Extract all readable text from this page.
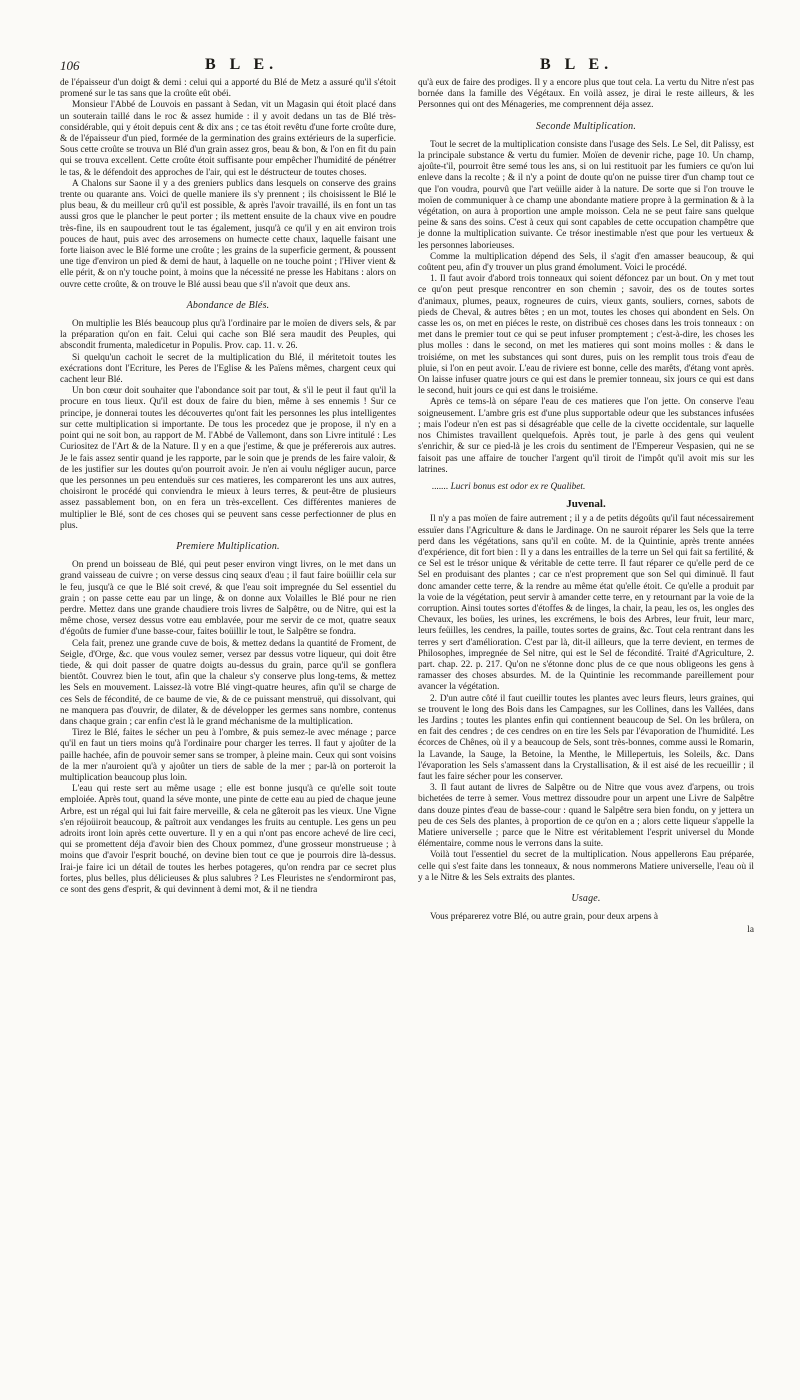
106	B L E.	B L E.

de l'épaisseur d'un doigt & demi : celui qui a apporté du Blé de Metz a assuré qu'il s'étoit promené sur le tas sans que la croûte eût obéi.

Monsieur l'Abbé de Louvois en passant à Sedan, vit un Magasin qui étoit placé dans un souterain taillé dans le roc & assez humide : il y avoit dedans un tas de Blé très-considérable, qui y étoit depuis cent & dix ans ; ce tas étoit revêtu d'une forte croûte dure, & de l'épaisseur d'un pied, formée de la germination des grains extérieurs de la superficie. Sous cette croûte se trouva un Blé d'un grain assez gros, beau & bon, & l'on en fit du pain qui se trouva excellent. Cette croûte étoit suffisante pour empêcher l'humidité de pénétrer le tas, & le défendoit des approches de l'air, qui est le déstructeur de toutes choses.

A Chalons sur Saone il y a des greniers publics dans lesquels on conserve des grains trente ou quarante ans. Voici de quelle maniere ils s'y prennent ; ils choisissent le Blé le plus beau, & du meilleur crû qu'il est possible, & après l'avoir travaillé, ils en font un tas aussi gros que le plancher le peut porter ; ils mettent ensuite de la chaux vive en poudre très-fine, ils en saupoudrent tout le tas également, jusqu'à ce qu'il y en ait environ trois pouces de haut, puis avec des arrosemens on humecte cette chaux, laquelle faisant une forte liaison avec le Blé forme une croûte ; les grains de la superficie germent, & poussent une tige d'environ un pied & demi de haut, à laquelle on ne touche point ; l'Hiver vient & elle périt, & on n'y touche point, à moins que la nécessité ne presse les Habitans : alors on ouvre cette croûte, & on trouve le Blé aussi beau que s'il n'avoit que deux ans.

Abondance de Blés.

On multiplie les Blés beaucoup plus qu'à l'ordinaire par le moïen de divers sels, & par la préparation qu'on en fait. Celui qui cache son Blé sera maudit des Peuples, qui abscondit frumenta, maledicetur in Populis. Prov. cap. 11. v. 26.

Si quelqu'un cachoit le secret de la multiplication du Blé, il méritetoit toutes les exécrations dont l'Ecriture, les Peres de l'Eglise & les Païens mêmes, chargent ceux qui cachent leur Blé.

Un bon cœur doit souhaiter que l'abondance soit par tout, & s'il le peut il faut qu'il la procure en tous lieux. Qu'il est doux de faire du bien, même à ses ennemis ! Sur ce principe, je donnerai toutes les découvertes qu'ont fait les personnes les plus intelligentes sur cette multiplication si importante. De tous les procedez que je propose, il n'y en a point qui ne soit bon, au rapport de M. l'Abbé de Vallemont, dans son Livre intitulé : Les Curiositez de l'Art & de la Nature. Il y en a que j'estime, & que je préfererois aux autres. Je le fais assez sentir quand je les rapporte, par le soin que je prends de les faire valoir, & de les justifier sur les doutes qu'on pourroit avoir. Je n'en ai voulu négliger aucun, parce que les personnes un peu entenduës sur ces matieres, les compareront les uns aux autres, choisiront le procédé qui conviendra le mieux à leurs terres, & peut-être de plusieurs assez passablement bon, on en fera un très-excellent. Ces différentes manieres de multiplier le Blé, sont de ces choses qui se peuvent sans cesse perfectionner de plus en plus.

Premiere Multiplication.

On prend un boisseau de Blé, qui peut peser environ vingt livres, on le met dans un grand vaisseau de cuivre ; on verse dessus cinq seaux d'eau ; il faut faire boüillir cela sur le feu, jusqu'à ce que le Blé soit crevé, & que l'eau soit impregnée du Sel essentiel du grain ; on passe cette eau par un linge, & on donne aux Volailles le Blé pour ne rien perdre. Mettez dans une grande chaudiere trois livres de Salpêtre, ou de Nitre, qui est la même chose, versez dessus votre eau emblavée, pour me servir de ce mot, quatre seaux d'égoûts de fumier d'une basse-cour, faites boüillir le tout, le Salpêtre se fondra.

Cela fait, prenez une grande cuve de bois, & mettez dedans la quantité de Froment, de Seigle, d'Orge, &c. que vous voulez semer, versez par dessus votre liqueur, qui doit être tiede, & qui doit passer de quatre doigts au-dessus du grain, parce qu'il se gonflera bientôt. Couvrez bien le tout, afin que la chaleur s'y conserve plus long-tems, & mettez les Sels en mouvement. Laissez-là votre Blé vingt-quatre heures, afin qu'il se charge de ces Sels de fécondité, de ce baume de vie, & de ce puissant menstruë, qui dissolvant, qui ne manquera pas d'ouvrir, de dilater, & de développer les germes sans nombre, contenus dans chaque grain ; car enfin c'est là le grand méchanisme de la multiplication.

Tirez le Blé, faites le sécher un peu à l'ombre, & puis semez-le avec ménage ; parce qu'il en faut un tiers moins qu'à l'ordinaire pour charger les terres. Il faut y ajoûter de la paille hachée, afin de pouvoir semer sans se tromper, à pleine main. Ceux qui sont voisins de la mer n'auroient qu'à y ajoûter un tiers de sable de la mer ; par-là on porteroit la multiplication beaucoup plus loin.

L'eau qui reste sert au même usage ; elle est bonne jusqu'à ce qu'elle soit toute emploiée. Après tout, quand la séve monte, une pinte de cette eau au pied de chaque jeune Arbre, est un régal qui lui fait faire merveille, & cela ne gâteroit pas les vieux. Une Vigne s'en réjoüiroit beaucoup, & paîtroit aux vendanges les fruits au centuple. Les gens un peu adroits iront loin après cette ouverture. Il y en a qui n'ont pas encore achevé de lire ceci, qui se promettent déja d'avoir bien des Choux pommez, d'une grosseur monstrueuse ; à moins que d'avoir l'esprit bouché, on devine bien tout ce que je pourrois dire là-dessus. Irai-je faire ici un détail de toutes les herbes potageres, qu'on rendra par ce secret plus fortes, plus belles, plus délicieuses & plus salubres ? Les Fleuristes ne s'endormiront pas, ce sont des gens d'esprit, & qui devinnent à demi mot, & il ne tiendra

qu'à eux de faire des prodiges. Il y a encore plus que tout cela. La vertu du Nitre n'est pas bornée dans la famille des Végétaux. En voilà assez, je dirai le reste ailleurs, & les Personnes qui ont des Ménageries, me comprennent déja assez.

Seconde Multiplication.

Tout le secret de la multiplication consiste dans l'usage des Sels. Le Sel, dit Palissy, est la principale substance & vertu du fumier. Moïen de devenir riche, page 10. Un champ, ajoûte-t'il, pourroit être semé tous les ans, si on lui restituoit par les fumiers ce qu'on lui enleve dans la recolte ; & il n'y a point de doute qu'on ne puisse tirer d'un champ tout ce que l'on voudra, pourvû que l'art veüille aider à la nature. De sorte que si l'on trouve le moïen de communiquer à ce champ une abondante matiere propre à la germination & à la végétation, on aura à proportion une ample moisson. Cela ne se peut faire sans quelque peine & sans des soins. C'est à ceux qui sont capables de cette occupation champêtre que je donne la multiplication suivante. Ce trésor inestimable n'est que pour les vertueux & les personnes laborieuses.

Comme la multiplication dépend des Sels, il s'agit d'en amasser beaucoup, & qui coûtent peu, afin d'y trouver un plus grand émolument. Voici le procédé.

1. Il faut avoir d'abord trois tonneaux qui soient défoncez par un bout. On y met tout ce qu'on peut presque rencontrer en son chemin ; savoir, des os de toutes sortes d'animaux, plumes, peaux, rogneures de cuirs, vieux gants, souliers, cornes, sabots de pieds de Cheval, & autres bêtes ; en un mot, toutes les choses qui abondent en Sels. On casse les os, on met en piéces le reste, on distribuë ces choses dans les trois tonneaux : on met dans le premier tout ce qui se peut infuser promptement ; c'est-à-dire, les choses les plus molles : dans le second, on met les matieres qui sont moins molles : & dans le troisiéme, on met les substances qui sont dures, puis on les remplit tous trois d'eau de pluie, si l'on en peut avoir. L'eau de riviere est bonne, celle des marêts, d'étang vont après. On laisse infuser quatre jours ce qui est dans le premier tonneau, six jours ce qui est dans le second, huit jours ce qui est dans le troisiéme.

Après ce tems-là on sépare l'eau de ces matieres que l'on jette. On conserve l'eau soigneusement. L'ambre gris est d'une plus supportable odeur que les substances infusées ; mais l'odeur n'en est pas si désagréable que celle de la civette occidentale, sur laquelle nos Chimistes travaillent quelquefois. Après tout, je parle à des gens qui veulent s'enrichir, & sur ce pied-là je les crois du sentiment de l'Empereur Vespasien, qui ne se faisoit pas une affaire de toucher l'argent qu'il tiroit de l'impôt qu'il avoit mis sur les latrines.

....... Lucri bonus est odor ex re Qualibet.

Juvenal.

Il n'y a pas moïen de faire autrement ; il y a de petits dégoûts qu'il faut nécessairement essuïer dans l'Agriculture & dans le Jardinage. On ne sauroit réparer les Sels que la terre perd dans les végétations, sans qu'il en coûte. M. de la Quintinie, après trente années d'expérience, dit fort bien : Il y a dans les entrailles de la terre un Sel qui fait sa fertilité, & ce Sel est le trésor unique & véritable de cette terre. Il faut réparer ce qu'elle perd de ce Sel en produisant des plantes ; car ce n'est proprement que son Sel qui diminuë. Il faut donc amander cette terre, & la rendre au même état qu'elle étoit. Ce qu'elle a produit par la voie de la végétation, peut servir à amander cette terre, en y retournant par la voie de la corruption. Ainsi toutes sortes d'étoffes & de linges, la chair, la peau, les os, les ongles des Chevaux, les boües, les urines, les excrémens, le bois des Arbres, leur fruit, leur marc, leurs feüilles, les cendres, la paille, toutes sortes de grains, &c. Tout cela rentrant dans les terres y sert d'amélioration. C'est par là, dit-il ailleurs, que la terre devient, en termes de Philosophes, impregnée de Sel nitre, qui est le Sel de fécondité. Traité d'Agriculture, 2. part. chap. 22. p. 217. Qu'on ne s'étonne donc plus de ce que nous obligeons les gens à ramasser des choses absurdes. M. de la Quintinie les recommande pareillement pour avancer la végétation.

2. D'un autre côté il faut cueillir toutes les plantes avec leurs fleurs, leurs graines, qui se trouvent le long des Bois dans les Campagnes, sur les Collines, dans les Vallées, dans les Jardins ; toutes les plantes enfin qui contiennent beaucoup de Sel. On les brûlera, on en fait des cendres ; de ces cendres on en tire les Sels par l'évaporation de l'humidité. Les écorces de Chênes, où il y a beaucoup de Sels, sont très-bonnes, comme aussi le Romarin, la Lavande, la Sauge, la Betoine, la Menthe, le Millepertuis, les Soleils, &c. Dans l'évaporation les Sels s'amassent dans la Crystallisation, & il est aisé de les recueillir ; il faut les faire sécher pour les conserver.

3. Il faut autant de livres de Salpêtre ou de Nitre que vous avez d'arpens, ou trois bichetées de terre à semer. Vous mettrez dissoudre pour un arpent une Livre de Salpêtre dans douze pintes d'eau de basse-cour : quand le Salpêtre sera bien fondu, on y jettera un peu de ces Sels des plantes, à proportion de ce qu'on en a ; alors cette liqueur s'appelle la Matiere universelle ; parce que le Nitre est véritablement l'esprit universel du Monde élémentaire, comme nous le verrons dans la suite.

Voilà tout l'essentiel du secret de la multiplication. Nous appellerons Eau préparée, celle qui s'est faite dans les tonneaux, & nous nommerons Matiere universelle, l'eau où il y a le Nitre & les Sels extraits des plantes.

Usage.

Vous préparerez votre Blé, ou autre grain, pour deux arpens à

la
